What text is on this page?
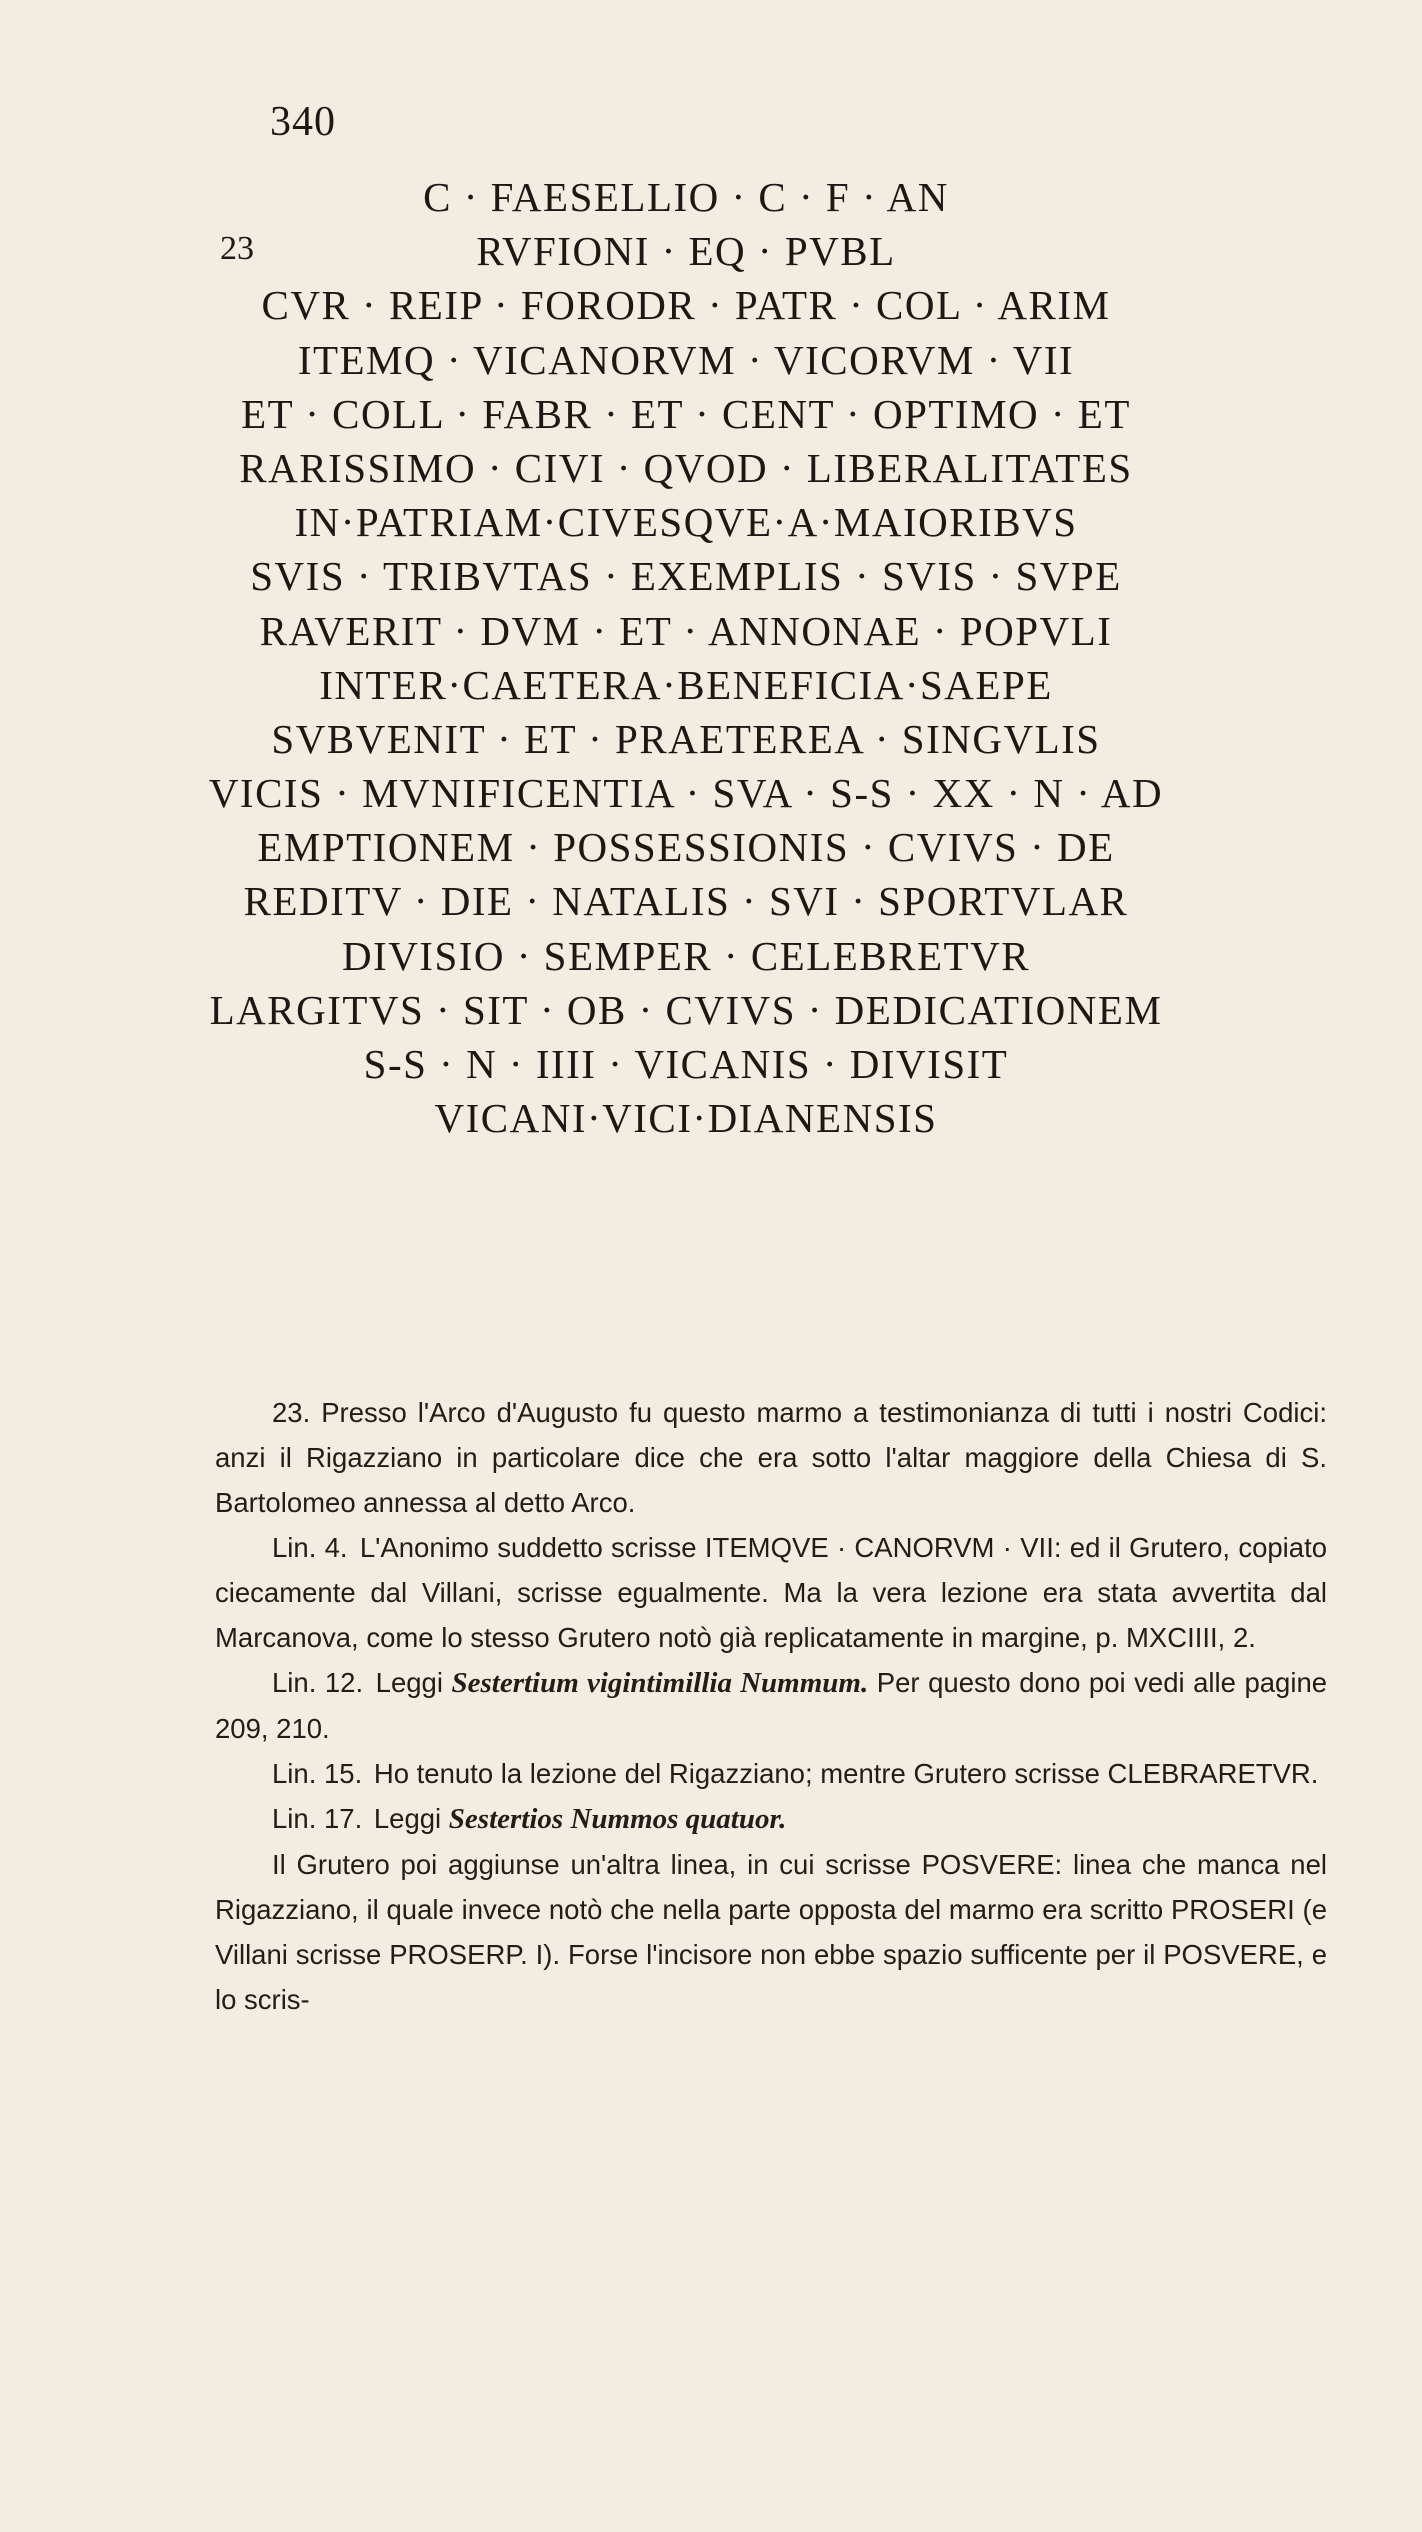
340
23
C · FAESELLIO · C · F · AN
RVFIONI · EQ · PVBL
CVR · REIP · FORODR · PATR · COL · ARIM
ITEMQ · VICANORVM · VICORVM · VII
ET · COLL · FABR · ET · CENT · OPTIMO · ET
RARISSIMO · CIVI · QVOD · LIBERALITATES
IN·PATRIAM·CIVESQVE·A·MAIORIBVS
SVIS · TRIBVTAS · EXEMPLIS · SVIS · SVPE
RAVERIT · DVM · ET · ANNONAE · POPVLI
INTER·CAETERA·BENEFICIA·SAEPE
SVBVENIT · ET · PRAETEREA · SINGVLIS
VICIS · MVNIFICENTIA · SVA · S-S · XX · N · AD
EMPTIONEM · POSSESSIONIS · CVIVS · DE
REDITV · DIE · NATALIS · SVI · SPORTVLAR
DIVISIO · SEMPER · CELEBRETVR
LARGITVS · SIT · OB · CVIVS · DEDICATIONEM
S-S · N · IIII · VICANIS · DIVISIT
VICANI·VICI·DIANENSIS

23. Presso l'Arco d'Augusto fu questo marmo a testimonianza di tutti i nostri Codici: anzi il Rigazziano in particolare dice che era sotto l'altar maggiore della Chiesa di S. Bartolomeo annessa al detto Arco.

Lin. 4. L'Anonimo suddetto scrisse ITEMQVE · CANORVM · VII: ed il Grutero, copiato ciecamente dal Villani, scrisse egualmente. Ma la vera lezione era stata avvertita dal Marcanova, come lo stesso Grutero notò già replicatamente in margine, p. MXCIIII, 2.

Lin. 12. Leggi Sestertium vigintimillia Nummum. Per questo dono poi vedi alle pagine 209, 210.

Lin. 15. Ho tenuto la lezione del Rigazziano; mentre Grutero scrisse CLEBRARETVR.

Lin. 17. Leggi Sestertios Nummos quatuor.

Il Grutero poi aggiunse un'altra linea, in cui scrisse POSVERE: linea che manca nel Rigazziano, il quale invece notò che nella parte opposta del marmo era scritto PROSERI (e Villani scrisse PROSERP. I). Forse l'incisore non ebbe spazio sufficente per il POSVERE, e lo scris-
